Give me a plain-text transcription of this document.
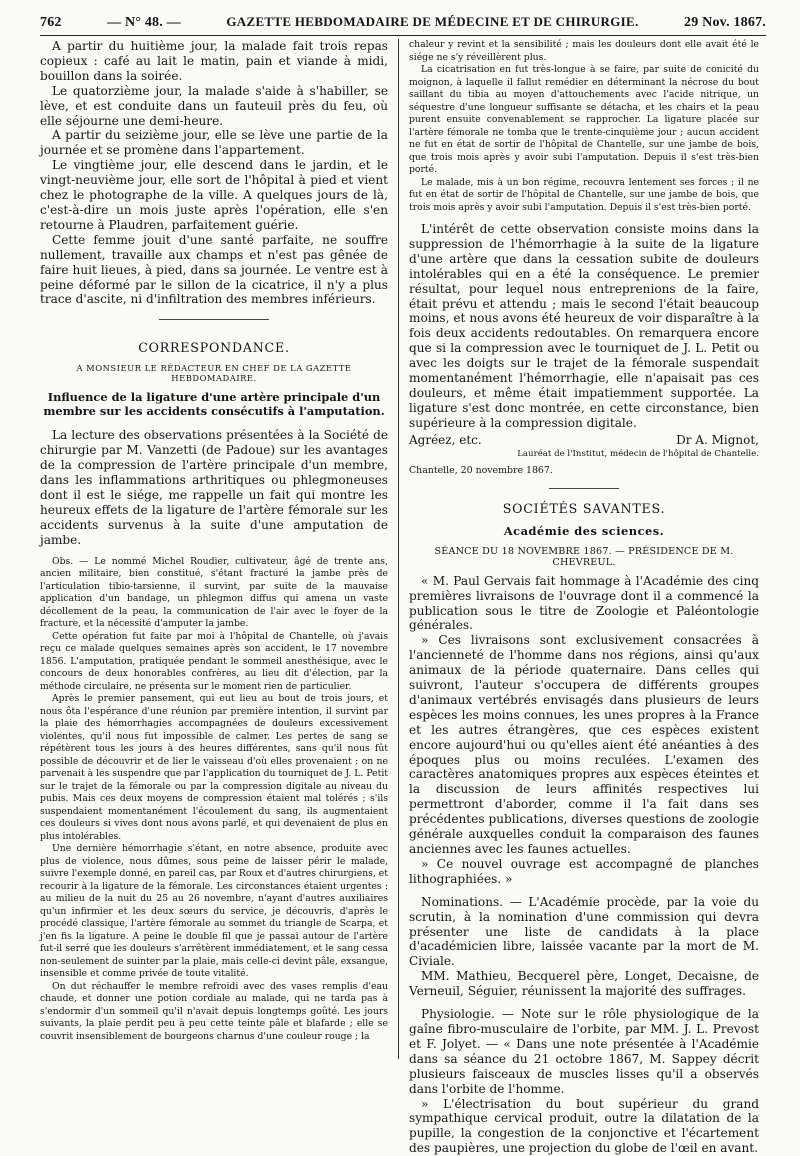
762	— N° 48. —	GAZETTE HEBDOMADAIRE DE MÉDECINE ET DE CHIRURGIE.	29 Nov. 1867.

A partir du huitième jour, la malade fait trois repas copieux : café au lait le matin, pain et viande à midi, bouillon dans la soirée.

Le quatorzième jour, la malade s'aide à s'habiller, se lève, et est conduite dans un fauteuil près du feu, où elle séjourne une demi-heure.

A partir du seizième jour, elle se lève une partie de la journée et se promène dans l'appartement.

Le vingtième jour, elle descend dans le jardin, et le vingt-neuvième jour, elle sort de l'hôpital à pied et vient chez le photographe de la ville. A quelques jours de là, c'est-à-dire un mois juste après l'opération, elle s'en retourne à Plaudren, parfaitement guérie.

Cette femme jouit d'une santé parfaite, ne souffre nullement, travaille aux champs et n'est pas gênée de faire huit lieues, à pied, dans sa journée. Le ventre est à peine déformé par le sillon de la cicatrice, il n'y a plus trace d'ascite, ni d'infiltration des membres inférieurs.

CORRESPONDANCE.
A MONSIEUR LE RÉDACTEUR EN CHEF DE LA GAZETTE HEBDOMADAIRE.
Influence de la ligature d'une artère principale d'un membre sur les accidents consécutifs à l'amputation.

La lecture des observations présentées à la Société de chirurgie par M. Vanzetti (de Padoue) sur les avantages de la compression de l'artère principale d'un membre, dans les inflammations arthritiques ou phlegmoneuses dont il est le siége, me rappelle un fait qui montre les heureux effets de la ligature de l'artère fémorale sur les accidents survenus à la suite d'une amputation de jambe.

Obs. — Le nommé Michel Roudier, cultivateur, âgé de trente ans, ancien militaire, bien constitué, s'étant fracturé la jambe près de l'articulation tibio-tarsienne, il survint, par suite de la mauvaise application d'un bandage, un phlegmon diffus qui amena un vaste décollement de la peau, la communication de l'air avec le foyer de la fracture, et la nécessité d'amputer la jambe.

Cette opération fut faite par moi à l'hôpital de Chantelle, où j'avais reçu ce malade quelques semaines après son accident, le 17 novembre 1856. L'amputation, pratiquée pendant le sommeil anesthésique, avec le concours de deux honorables confrères, au lieu dit d'élection, par la méthode circulaire, ne présenta sur le moment rien de particulier.

Après le premier pansement, qui eut lieu au bout de trois jours, et nous ôta l'espérance d'une réunion par première intention, il survint par la plaie des hémorrhagies accompagnées de douleurs excessivement violentes, qu'il nous fut impossible de calmer. Les pertes de sang se répétèrent tous les jours à des heures différentes, sans qu'il nous fût possible de découvrir et de lier le vaisseau d'où elles provenaient : on ne parvenait à les suspendre que par l'application du tourniquet de J. L. Petit sur le trajet de la fémorale ou par la compression digitale au niveau du pubis. Mais ces deux moyens de compression étaient mal tolérés ; s'ils suspendaient momentanément l'écoulement du sang, ils augmentaient ces douleurs si vives dont nous avons parlé, et qui devenaient de plus en plus intolérables.

Une dernière hémorrhagie s'étant, en notre absence, produite avec plus de violence, nous dûmes, sous peine de laisser périr le malade, suivre l'exemple donné, en pareil cas, par Roux et d'autres chirurgiens, et recourir à la ligature de la fémorale. Les circonstances étaient urgentes : au milieu de la nuit du 25 au 26 novembre, n'ayant d'autres auxiliaires qu'un infirmier et les deux sœurs du service, je découvris, d'après le procédé classique, l'artère fémorale au sommet du triangle de Scarpa, et j'en fis la ligature. A peine le double fil que je passai autour de l'artère fut-il serré que les douleurs s'arrêtèrent immédiatement, et le sang cessa non-seulement de suinter par la plaie, mais celle-ci devint pâle, exsangue, insensible et comme privée de toute vitalité.

On dut réchauffer le membre refroidi avec des vases remplis d'eau chaude, et donner une potion cordiale au malade, qui ne tarda pas à s'endormir d'un sommeil qu'il n'avait depuis longtemps goûté. Les jours suivants, la plaie perdit peu à peu cette teinte pâle et blafarde ; elle se couvrit insensiblement de bourgeons charnus d'une couleur rouge ; la

chaleur y revint et la sensibilité ; mais les douleurs dont elle avait été le siége ne s'y réveillèrent plus.

La cicatrisation en fut très-longue à se faire, par suite de conicité du moignon, à laquelle il fallut remédier en déterminant la nécrose du bout saillant du tibia au moyen d'attouchements avec l'acide nitrique, un séquestre d'une longueur suffisante se détacha, et les chairs et la peau purent ensuite convenablement se rapprocher. La ligature placée sur l'artère fémorale ne tomba que le trente-cinquième jour ; aucun accident ne fut en état de sortir de l'hôpital de Chantelle, sur une jambe de bois, que trois mois après y avoir subi l'amputation. Depuis il s'est très-bien porté.

Le malade, mis à un bon régime, recouvra lentement ses forces ; il ne fut en état de sortir de l'hôpital de Chantelle, sur une jambe de bois, que trois mois après y avoir subi l'amputation. Depuis il s'est très-bien porté.

L'intérêt de cette observation consiste moins dans la suppression de l'hémorrhagie à la suite de la ligature d'une artère que dans la cessation subite de douleurs intolérables qui en a été la conséquence. Le premier résultat, pour lequel nous entreprenions de la faire, était prévu et attendu ; mais le second l'était beaucoup moins, et nous avons été heureux de voir disparaître à la fois deux accidents redoutables. On remarquera encore que si la compression avec le tourniquet de J. L. Petit ou avec les doigts sur le trajet de la fémorale suspendait momentanément l'hémorrhagie, elle n'apaisait pas ces douleurs, et même était impatiemment supportée. La ligature s'est donc montrée, en cette circonstance, bien supérieure à la compression digitale.

Agréez, etc.	Dr A. Mignot,
Lauréat de l'Institut, médecin de l'hôpital de Chantelle.
Chantelle, 20 novembre 1867.
SOCIÉTÉS SAVANTES.
Académie des sciences.
SÉANCE DU 18 NOVEMBRE 1867. — PRÉSIDENCE DE M. CHEVREUL.

« M. Paul Gervais fait hommage à l'Académie des cinq premières livraisons de l'ouvrage dont il a commencé la publication sous le titre de Zoologie et Paléontologie générales.

» Ces livraisons sont exclusivement consacrées à l'ancienneté de l'homme dans nos régions, ainsi qu'aux animaux de la période quaternaire. Dans celles qui suivront, l'auteur s'occupera de différents groupes d'animaux vertébrés envisagés dans plusieurs de leurs espèces les moins connues, les unes propres à la France et les autres étrangères, que ces espèces existent encore aujourd'hui ou qu'elles aient été anéanties à des époques plus ou moins reculées. L'examen des caractères anatomiques propres aux espèces éteintes et la discussion de leurs affinités respectives lui permettront d'aborder, comme il l'a fait dans ses précédentes publications, diverses questions de zoologie générale auxquelles conduit la comparaison des faunes anciennes avec les faunes actuelles.

» Ce nouvel ouvrage est accompagné de planches lithographiées. »

Nominations. — L'Académie procède, par la voie du scrutin, à la nomination d'une commission qui devra présenter une liste de candidats à la place d'académicien libre, laissée vacante par la mort de M. Civiale.

MM. Mathieu, Becquerel père, Longet, Decaisne, de Verneuil, Séguier, réunissent la majorité des suffrages.

Physiologie. — Note sur le rôle physiologique de la gaîne fibro-musculaire de l'orbite, par MM. J. L. Prevost et F. Jolyet. — « Dans une note présentée à l'Académie dans sa séance du 21 octobre 1867, M. Sappey décrit plusieurs faisceaux de muscles lisses qu'il a observés dans l'orbite de l'homme.

» L'électrisation du bout supérieur du grand sympathique cervical produit, outre la dilatation de la pupille, la congestion de la conjonctive et l'écartement des paupières, une projection du globe de l'œil en avant.
